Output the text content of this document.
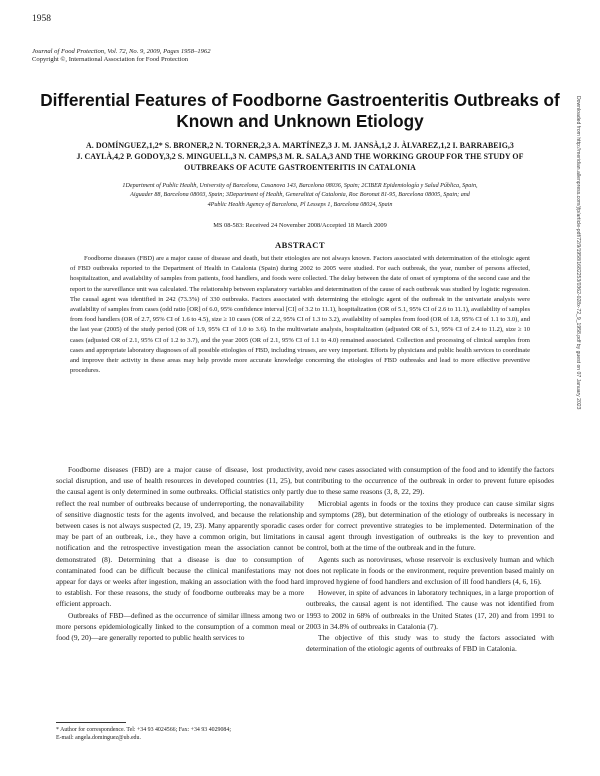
1958
Journal of Food Protection, Vol. 72, No. 9, 2009, Pages 1958–1962
Copyright ©, International Association for Food Protection
Differential Features of Foodborne Gastroenteritis Outbreaks of
Known and Unknown Etiology
A. DOMÍNGUEZ,1,2* S. BRONER,2 N. TORNER,2,3 A. MARTÍNEZ,3 J. M. JANSÀ,1,2 J. ÀLVAREZ,1,2 I. BARRABEIG,3
J. CAYLÀ,4,2 P. GODOY,3,2 S. MINGUELL,3 N. CAMPS,3 M. R. SALA,3 AND THE WORKING GROUP FOR THE STUDY OF
OUTBREAKS OF ACUTE GASTROENTERITIS IN CATALONIA
1Department of Public Health, University of Barcelona, Casanova 143, Barcelona 08036, Spain; 2CIBER Epidemiología y Salud Pública, Spain,
Aiguader 88, Barcelona 08003, Spain; 3Department of Health, Generalitat of Catalonia, Roc Boronat 81-95, Barcelona 08005, Spain; and
4Public Health Agency of Barcelona, Pl Lesseps 1, Barcelona 08024, Spain
MS 08-583: Received 24 November 2008/Accepted 18 March 2009
ABSTRACT

Foodborne diseases (FBD) are a major cause of disease and death, but their etiologies are not always known. Factors associated with determination of the etiologic agent of FBD outbreaks reported to the Department of Health in Catalonia (Spain) during 2002 to 2005 were studied. For each outbreak, the year, number of persons affected, hospitalization, and availability of samples from patients, food handlers, and foods were collected. The delay between the date of onset of symptoms of the second case and the report to the surveillance unit was calculated. The relationship between explanatory variables and determination of the cause of each outbreak was studied by logistic regression. The causal agent was identified in 242 (73.3%) of 330 outbreaks. Factors associated with determining the etiologic agent of the outbreak in the univariate analysis were availability of samples from cases (odd ratio [OR] of 6.0, 95% confidence interval [CI] of 3.2 to 11.1), hospitalization (OR of 5.1, 95% CI of 2.6 to 11.1), availability of samples from food handlers (OR of 2.7, 95% CI of 1.6 to 4.5), size ≥ 10 cases (OR of 2.2, 95% CI of 1.3 to 3.2), availability of samples from food (OR of 1.8, 95% CI of 1.1 to 3.0), and the last year (2005) of the study period (OR of 1.9, 95% CI of 1.0 to 3.6). In the multivariate analysis, hospitalization (adjusted OR of 5.1, 95% CI of 2.4 to 11.2), size ≥ 10 cases (adjusted OR of 2.1, 95% CI of 1.2 to 3.7), and the year 2005 (OR of 2.1, 95% CI of 1.1 to 4.0) remained associated. Collection and processing of clinical samples from cases and appropriate laboratory diagnoses of all possible etiologies of FBD, including viruses, are very important. Efforts by physicians and public health services to coordinate and improve their activity in these areas may help provide more accurate knowledge concerning the etiologies of FBD outbreaks and lead to more effective preventive procedures.

Foodborne diseases (FBD) are a major cause of disease, lost productivity, social disruption, and use of health resources in developed countries (11, 25), but the causal agent is only determined in some outbreaks. Official statistics only partly reflect the real number of outbreaks because of underreporting, the nonavailability of sensitive diagnostic tests for the agents involved, and because the relationship between cases is not always suspected (2, 19, 23). Many apparently sporadic cases may be part of an outbreak, i.e., they have a common origin, but limitations in notification and the retrospective investigation mean the association cannot be demonstrated (8). Determining that a disease is due to consumption of contaminated food can be difficult because the clinical manifestations may not appear for days or weeks after ingestion, making an association with the food hard to establish. For these reasons, the study of foodborne outbreaks may be a more efficient approach.

Outbreaks of FBD—defined as the occurrence of similar illness among two or more persons epidemiologically linked to the consumption of a common meal or food (9, 20)—are generally reported to public health services to

avoid new cases associated with consumption of the food and to identify the factors contributing to the occurrence of the outbreak in order to prevent future episodes due to these same reasons (3, 8, 22, 29).

Microbial agents in foods or the toxins they produce can cause similar signs and symptoms (28), but determination of the etiology of outbreaks is necessary in order for correct preventive strategies to be implemented. Determination of the causal agent through investigation of outbreaks is the key to prevention and control, both at the time of the outbreak and in the future.

Agents such as noroviruses, whose reservoir is exclusively human and which does not replicate in foods or the environment, require prevention based mainly on improved hygiene of food handlers and exclusion of ill food handlers (4, 6, 16).

However, in spite of advances in laboratory techniques, in a large proportion of outbreaks, the causal agent is not identified. The cause was not identified from 1993 to 2002 in 68% of outbreaks in the United States (17, 20) and from 1991 to 2003 in 34.8% of outbreaks in Catalonia (7).

The objective of this study was to study the factors associated with determination of the etiologic agents of outbreaks of FBD in Catalonia.

* Author for correspondence. Tel: +34 93 4024566; Fax: +34 93 4029084;
E-mail: angela.dominguez@ub.edu.
Downloaded from http://meridian.allenpress.com/jfp/article-pdf/72/9/1958/1682253/0362-028x-72_9_1958.pdf by guest on 07 January 2023
